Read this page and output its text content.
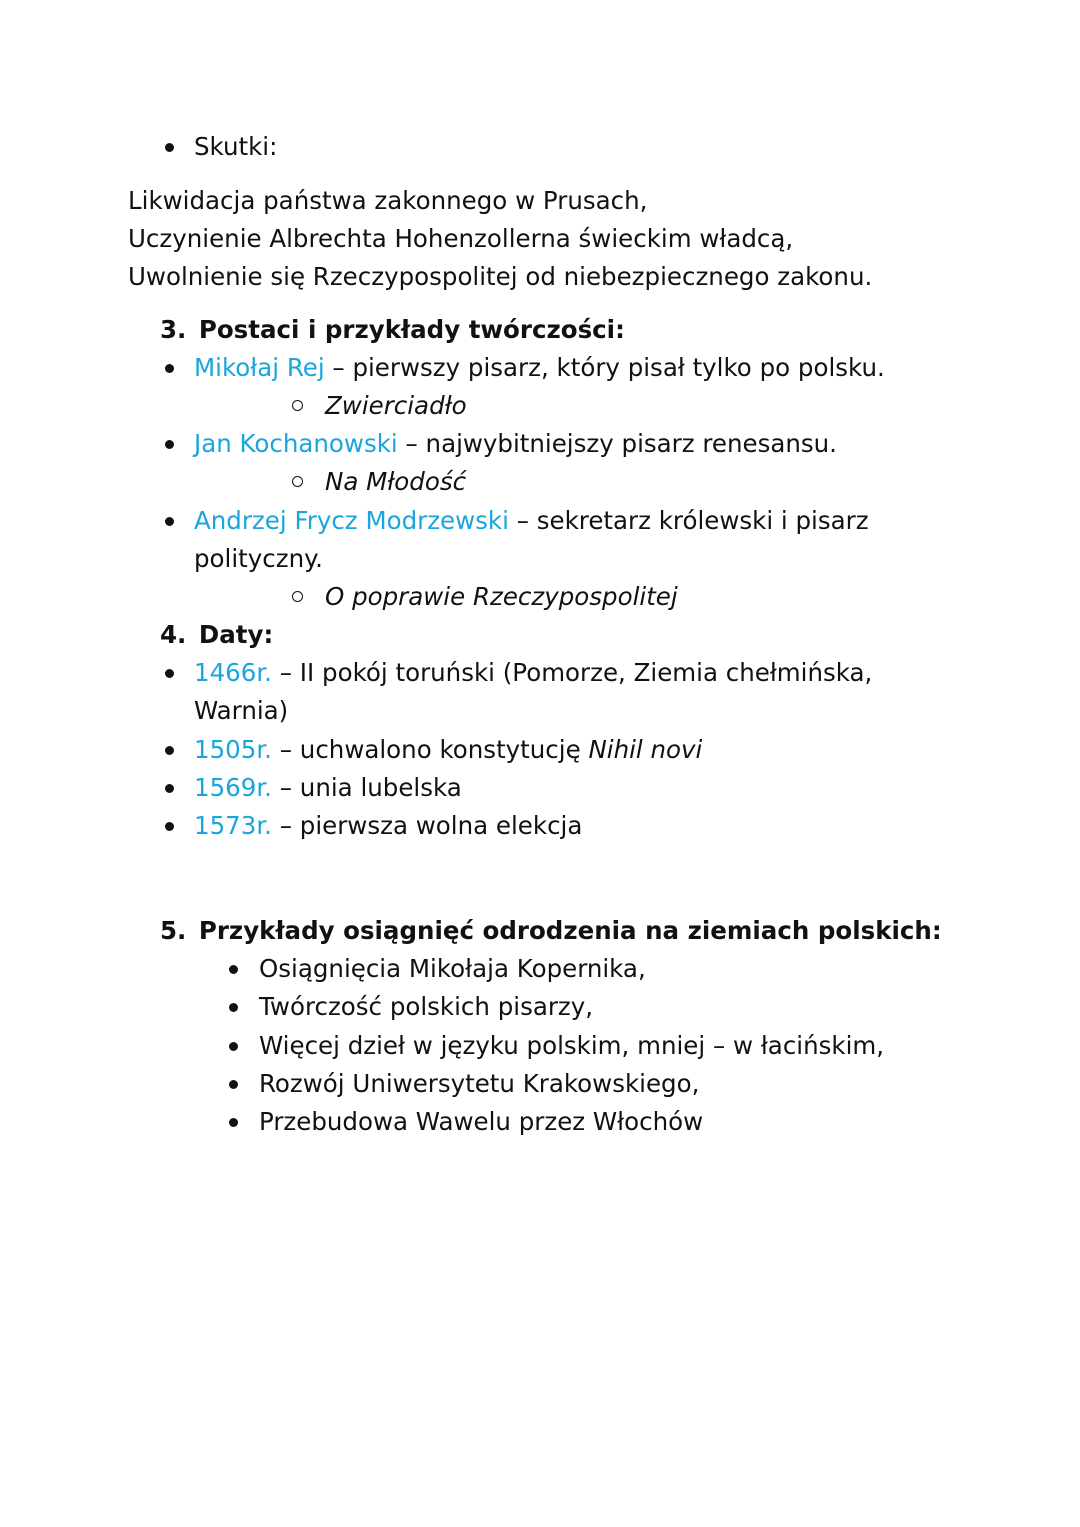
Skutki:
Likwidacja państwa zakonnego w Prusach,
Uczynienie Albrechta Hohenzollerna świeckim władcą,
Uwolnienie się Rzeczypospolitej od niebezpiecznego zakonu.
3. Postaci i przykłady twórczości:
Mikołaj Rej – pierwszy pisarz, który pisał tylko po polsku.
Zwierciadło
Jan Kochanowski – najwybitniejszy pisarz renesansu.
Na Młodość
Andrzej Frycz Modrzewski – sekretarz królewski i pisarz
polityczny.
O poprawie Rzeczypospolitej
4. Daty:
1466r. – II pokój toruński (Pomorze, Ziemia chełmińska,
Warnia)
1505r. – uchwalono konstytucję Nihil novi
1569r. – unia lubelska
1573r. – pierwsza wolna elekcja
5. Przykłady osiągnięć odrodzenia na ziemiach polskich:
Osiągnięcia Mikołaja Kopernika,
Twórczość polskich pisarzy,
Więcej dzieł w języku polskim, mniej – w łacińskim,
Rozwój Uniwersytetu Krakowskiego,
Przebudowa Wawelu przez Włochów
